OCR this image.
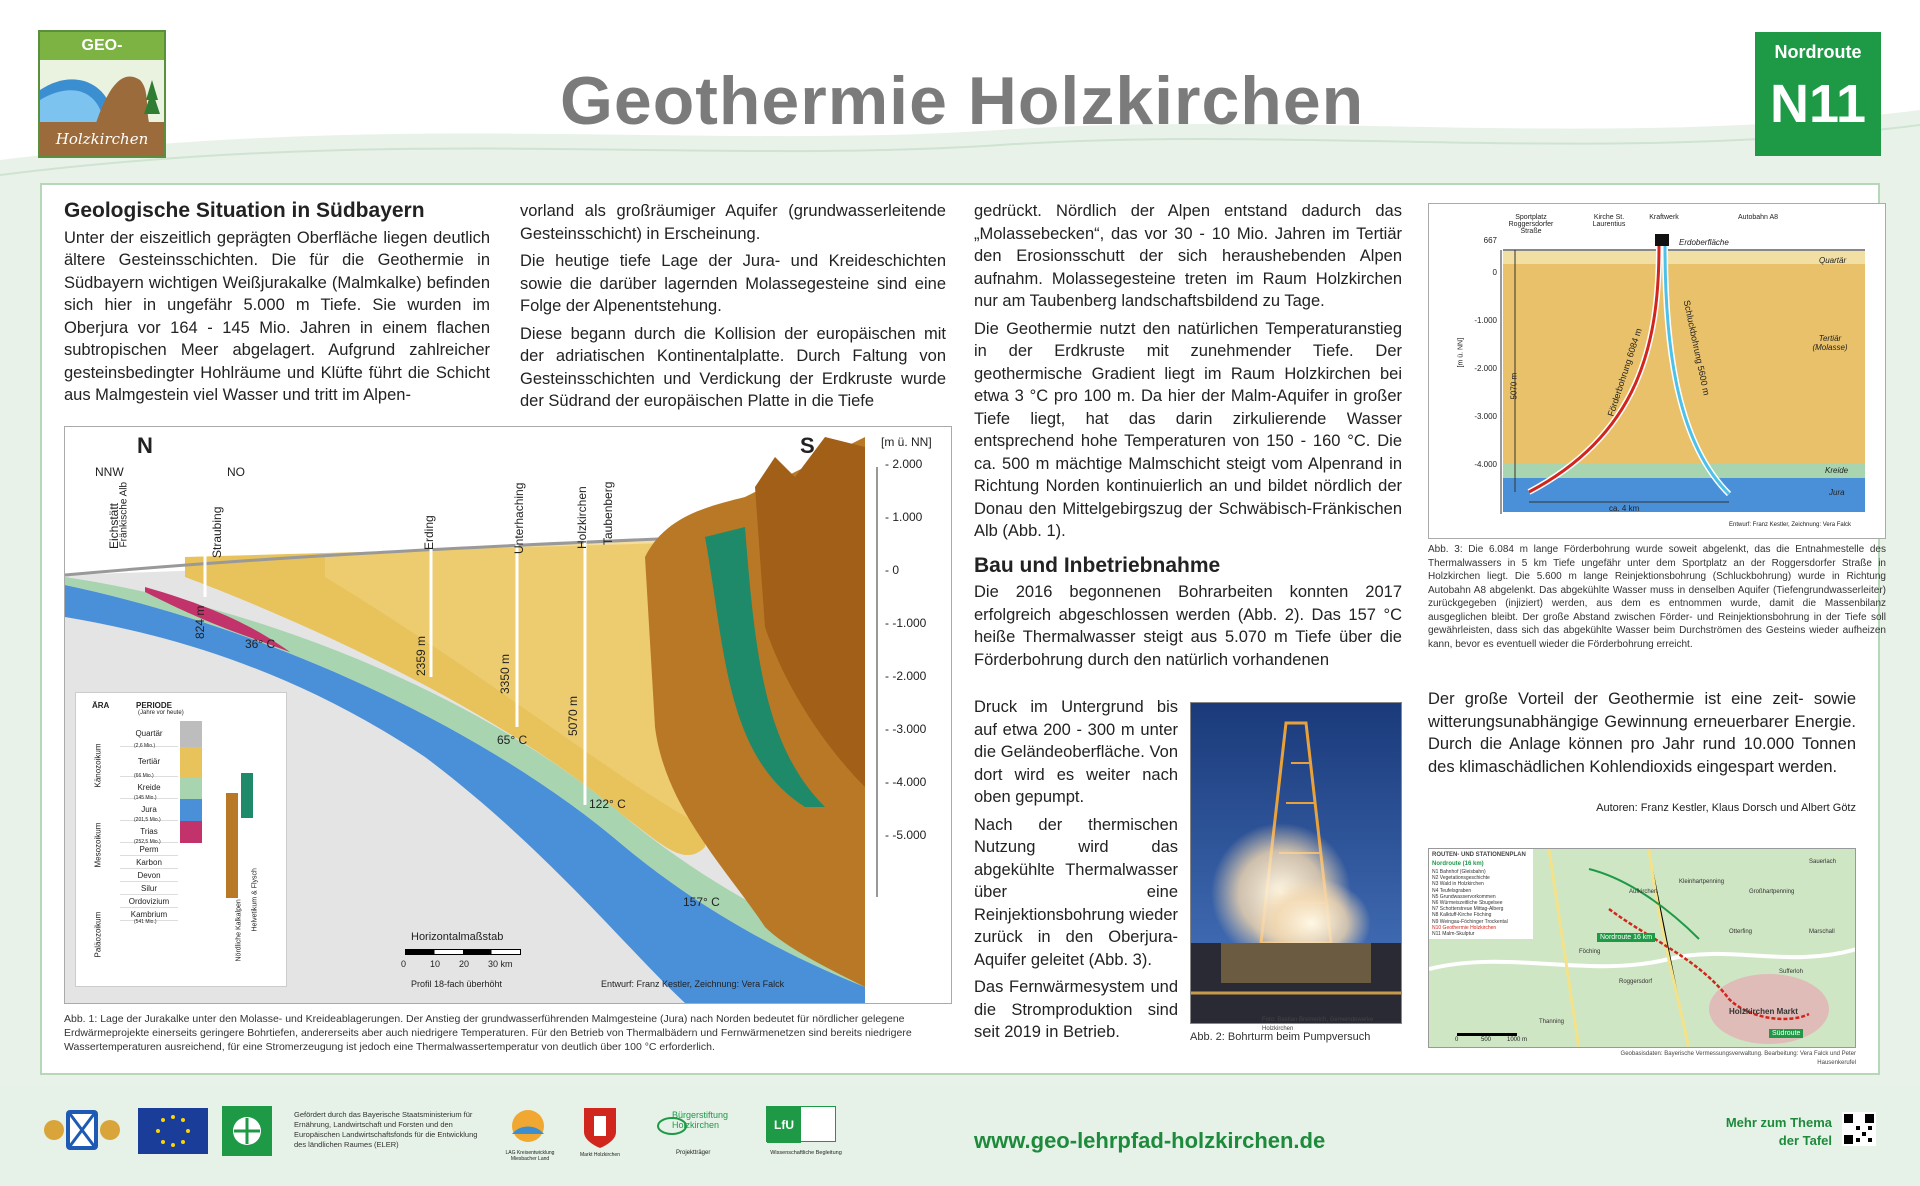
GEO-
Holzkirchen	Geothermie Holzkirchen
Nordroute
N11
Geologische Situation in Südbayern

Unter der eiszeitlich geprägten Oberfläche liegen deutlich ältere Gesteinsschichten. Die für die Geothermie in Südbayern wichtigen Weißjurakalke (Malmkalke) befinden sich hier in ungefähr 5.000 m Tiefe. Sie wurden im Oberjura vor 164 - 145 Mio. Jahren in einem flachen subtropischen Meer abgelagert. Aufgrund zahlreicher gesteinsbedingter Hohlräume und Klüfte führt die Schicht aus Malmgestein viel Wasser und tritt im Alpen-

vorland als großräumiger Aquifer (grundwasserleitende Gesteinsschicht) in Erscheinung.

Die heutige tiefe Lage der Jura- und Kreideschichten sowie die darüber lagernden Molassegesteine sind eine Folge der Alpenentstehung.

Diese begann durch die Kollision der europäischen mit der adriatischen Kontinentalplatte. Durch Faltung von Gesteinsschichten und Verdickung der Erdkruste wurde der Südrand der europäischen Platte in die Tiefe

N	S	[m ü. NN]
NNW	NO
Eichstätt
Fränkische Alb	Straubing	Erding	Unterhaching	Holzkirchen Taubenberg
824 m
2359 m	3350 m
5070 m
36° C
65° C
122° C
157° C
- 2.000
- 1.000
- 0
- -1.000
- -2.000
- -3.000
- -4.000
- -5.000
ÄRA	PERIODE
(Jahre vor heute)
Quartär
Tertiär
Kreide
Jura
Trias
Perm
Karbon
Devon
Silur
Ordovizium
Kambrium
(2,6 Mio.)
(66 Mio.)
(145 Mio.)
(201,5 Mio.)
(252,5 Mio.)
(541 Mio.)
Känozoikum
Mesozoikum
Paläozoikum	Nördliche Kalkalpen Helvetikum & Flysch
Horizontalmaßstab
0	10 20 30 km
Profil 18-fach überhöht	Entwurf: Franz Kestler, Zeichnung: Vera Falck
Abb. 1: Lage der Jurakalke unter den Molasse- und Kreideablagerungen. Der Anstieg der grundwasserführenden Malmgesteine (Jura) nach Norden bedeutet für nördlicher gelegene Erdwärmeprojekte einerseits geringere Bohrtiefen, andererseits aber auch niedrigere Temperaturen. Für den Betrieb von Thermalbädern und Fernwärmenetzen sind bereits niedrigere Wassertemperaturen ausreichend, für eine Stromerzeugung ist jedoch eine Thermalwassertemperatur von deutlich über 100 °C erforderlich.

gedrückt. Nördlich der Alpen entstand dadurch das „Molassebecken“, das vor 30 - 10 Mio. Jahren im Tertiär den Erosionsschutt der sich heraushebenden Alpen aufnahm. Molassegesteine treten im Raum Holzkirchen nur am Taubenberg landschaftsbildend zu Tage.

Die Geothermie nutzt den natürlichen Temperaturanstieg in der Erdkruste mit zunehmender Tiefe. Der geothermische Gradient liegt im Raum Holzkirchen bei etwa 3 °C pro 100 m. Da hier der Malm-Aquifer in großer Tiefe liegt, hat das darin zirkulierende Wasser entsprechend hohe Temperaturen von 150 - 160 °C. Die ca. 500 m mächtige Malmschicht steigt vom Alpenrand in Richtung Norden kontinuierlich an und bildet nördlich der Donau den Mittelgebirgszug der Schwäbisch-Fränkischen Alb (Abb. 1).

Bau und Inbetriebnahme

Die 2016 begonnenen Bohrarbeiten konnten 2017 erfolgreich abgeschlossen werden (Abb. 2). Das 157 °C heiße Thermalwasser steigt aus 5.070 m Tiefe über die Förderbohrung durch den natürlich vorhandenen

Druck im Untergrund bis auf etwa 200 - 300 m unter die Geländeoberfläche. Von dort wird es weiter nach oben gepumpt.

Nach der thermischen Nutzung wird das abgekühlte Thermalwasser über eine Reinjektionsbohrung wieder zurück in den Oberjura-Aquifer geleitet (Abb. 3).

Das Fernwärmesystem und die Stromproduktion sind seit 2019 in Betrieb.

Foto: Bastian Bremerich, Gemeindewerke Holzkirchen
Abb. 2: Bohrturm beim Pumpversuch
Sportplatz Roggersdorfer Straße
Kirche St. Laurentius
Kraftwerk	Autobahn A8
Erdoberfläche
667
0
-1.000
-2.000
-3.000
-4.000
[m ü. NN]
Quartär
Tertiär (Molasse)
Kreide
Jura
Förderbohrung 6084 m	Schluckbohrung 5600 m
5070 m
ca. 4 km
Entwurf: Franz Kestler, Zeichnung: Vera Falck
Abb. 3: Die 6.084 m lange Förderbohrung wurde soweit abgelenkt, das die Entnahmestelle des Thermalwassers in 5 km Tiefe ungefähr unter dem Sportplatz an der Roggersdorfer Straße in Holzkirchen liegt. Die 5.600 m lange Reinjektionsbohrung (Schluckbohrung) wurde in Richtung Autobahn A8 abgelenkt. Das abgekühlte Wasser muss in denselben Aquifer (Tiefengrundwasserleiter) zurückgegeben (injiziert) werden, aus dem es entnommen wurde, damit die Massenbilanz ausgeglichen bleibt. Der große Abstand zwischen Förder- und Reinjektionsbohrung in der Tiefe soll gewährleisten, dass sich das abgekühlte Wasser beim Durchströmen des Gesteins wieder aufheizen kann, bevor es eventuell wieder die Förderbohrung erreicht.

Der große Vorteil der Geothermie ist eine zeit- sowie witterungsunabhängige Gewinnung erneuerbarer Energie. Durch die Anlage können pro Jahr rund 10.000 Tonnen des klimaschädlichen Kohlendioxids eingespart werden.

Autoren: Franz Kestler, Klaus Dorsch und Albert Götz
ROUTEN- UND STATIONENPLAN
Nordroute (16 km)
N1 Bahnhof (Gleisbahn)
N2 Vegetationsgeschichte
N3 Wald in Holzkirchen
N4 Teufelsgraben
N5 Grundwasservorkommen
N6 Würmeiszeitliche Sbugelsee
N7 Schotterstreue Mittag-Alberg
N8 Kalktuff-Kirche Föching
N9 Weingau-Föchinger Trockental
N10 Geothermie Holzkirchen
N11 Malm-Skulptur
Holzkirchen Markt
Sauerlach
Thanning
Föching
Otterfing
Aufkirchen	Großhartpenning
Roggersdorf
Marschall
Kleinhartpenning
Sufferloh
Nordroute 16 km
Südroute
0	500	1000 m
Geobasisdaten: Bayerische Vermessungsverwaltung. Bearbeitung: Vera Falck und Peter Hausenkerufel
Gefördert durch das Bayerische Staatsministerium für Ernährung, Landwirtschaft und Forsten und den Europäischen Landwirtschaftsfonds für die Entwicklung des ländlichen Raumes (ELER)
LAG Kreisentwicklung Miesbacher Land
Markt Holzkirchen
Bürgerstiftung Holzkirchen
Projektträger
LfU
Wissenschaftliche Begleitung	www.geo-lehrpfad-holzkirchen.de
Mehr zum Thema der Tafel
